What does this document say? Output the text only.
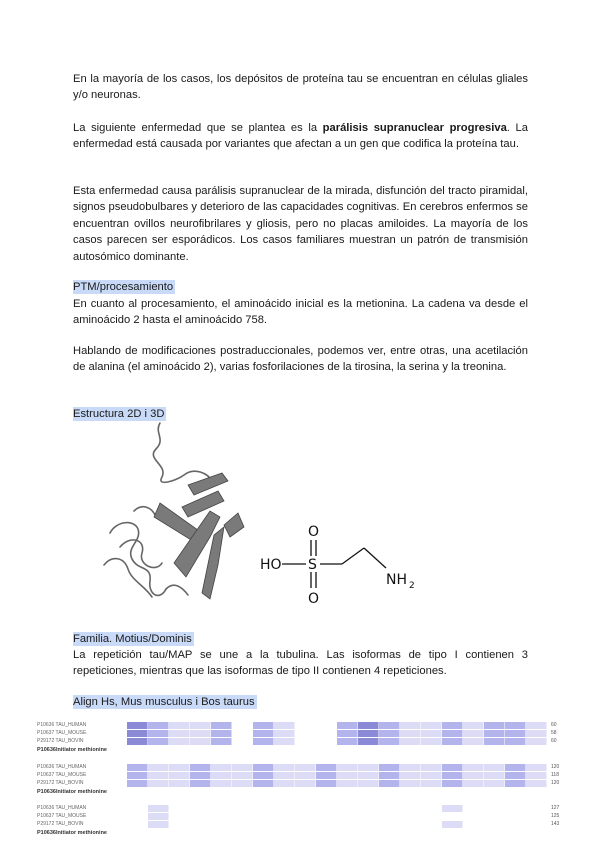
En la mayoría de los casos, los depósitos de proteína tau se encuentran en células gliales y/o neuronas.

La siguiente enfermedad que se plantea es la parálisis supranuclear progresiva. La enfermedad está causada por variantes que afectan a un gen que codifica la proteína tau.

Esta enfermedad causa parálisis supranuclear de la mirada, disfunción del tracto piramidal, signos pseudobulbares y deterioro de las capacidades cognitivas. En cerebros enfermos se encuentran ovillos neurofibrilares y gliosis, pero no placas amiloides. La mayoría de los casos parecen ser esporádicos. Los casos familiares muestran un patrón de transmisión autosómico dominante.

PTM/procesamiento

En cuanto al procesamiento, el aminoácido inicial es la metionina. La cadena va desde el aminoácido 2 hasta el aminoácido 758.

Hablando de modificaciones postraduccionales, podemos ver, entre otras, una acetilación de alanina (el aminoácido 2), varias fosforilaciones de la tirosina, la serina y la treonina.

Estructura 2D i 3D
HO S
O
O
NH 2
Familia. Motius/Dominis

La repetición tau/MAP se une a la tubulina. Las isoformas de tipo I contienen 3 repeticiones, mientras que las isoformas de tipo II contienen 4 repeticiones.

Align Hs, Mus musculus i Bos taurus
P10636 TAU_HUMAN	60
P10637 TAU_MOUSE	58
P29172 TAU_BOVIN	60
P10636Initiator methionine
P10636 TAU_HUMAN	120
P10637 TAU_MOUSE	118
P29172 TAU_BOVIN	120
P10636Initiator methionine
P10636 TAU_HUMAN	127
P10637 TAU_MOUSE	125
P29172 TAU_BOVIN	143
P10636Initiator methionine
